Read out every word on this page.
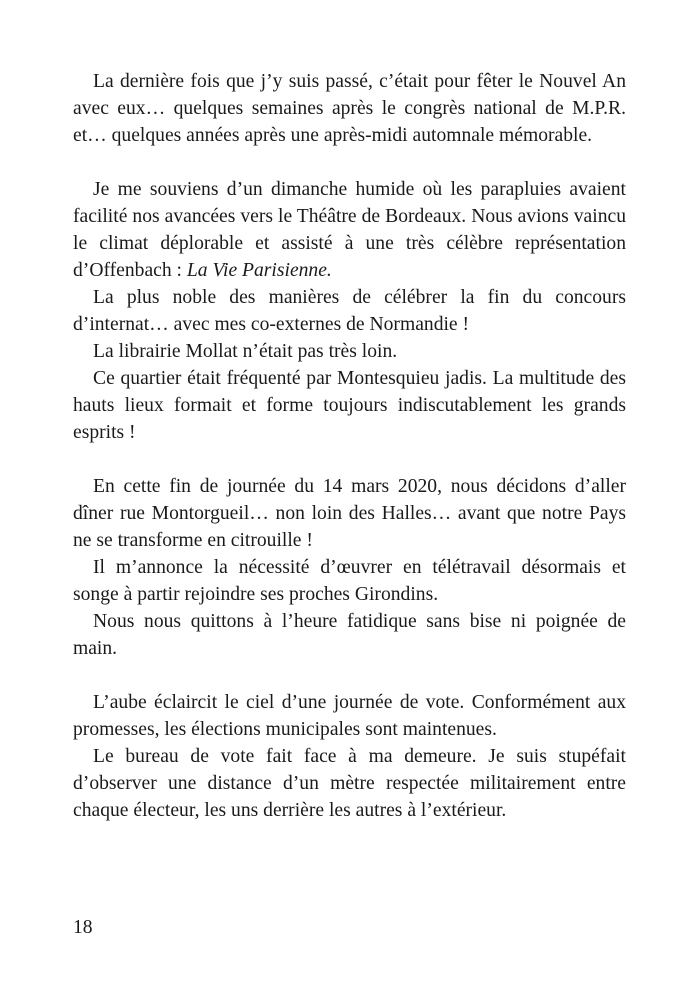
La dernière fois que j’y suis passé, c’était pour fêter le Nouvel An avec eux… quelques semaines après le congrès national de M.P.R. et… quelques années après une après-midi automnale mémorable.

Je me souviens d’un dimanche humide où les parapluies avaient facilité nos avancées vers le Théâtre de Bordeaux. Nous avions vaincu le climat déplorable et assisté à une très célèbre représentation d’Offenbach : La Vie Parisienne.

La plus noble des manières de célébrer la fin du concours d’internat… avec mes co-externes de Normandie !

La librairie Mollat n’était pas très loin.

Ce quartier était fréquenté par Montesquieu jadis. La multitude des hauts lieux formait et forme toujours indiscutablement les grands esprits !

En cette fin de journée du 14 mars 2020, nous décidons d’aller dîner rue Montorgueil… non loin des Halles… avant que notre Pays ne se transforme en citrouille !

Il m’annonce la nécessité d’œuvrer en télétravail désormais et songe à partir rejoindre ses proches Girondins.

Nous nous quittons à l’heure fatidique sans bise ni poignée de main.

L’aube éclaircit le ciel d’une journée de vote. Conformément aux promesses, les élections municipales sont maintenues.

Le bureau de vote fait face à ma demeure. Je suis stupéfait d’observer une distance d’un mètre respectée militairement entre chaque électeur, les uns derrière les autres à l’extérieur.

18
